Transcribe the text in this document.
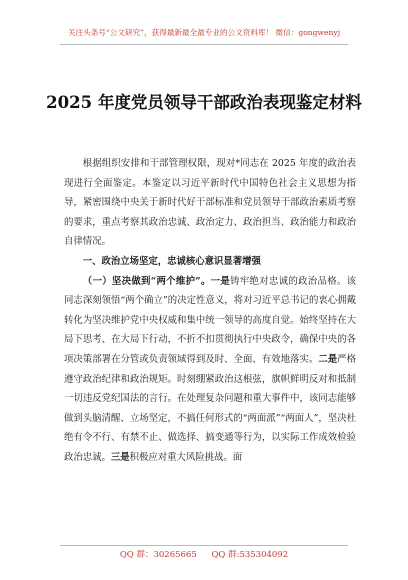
关注头条号“公文研究”，获得最新最全最专业的公文资料库！ 微信：gongwenyj
2025 年度党员领导干部政治表现鉴定材料

根据组织安排和干部管理权限，现对*同志在 2025 年度的政治表现进行全面鉴定。本鉴定以习近平新时代中国特色社会主义思想为指导，紧密围绕中央关于新时代好干部标准和党员领导干部政治素质考察的要求，重点考察其政治忠诚、政治定力、政治担当、政治能力和政治自律情况。

一、政治立场坚定，忠诚核心意识显著增强

（一）坚决做到“两个维护”。一是铸牢绝对忠诚的政治品格。该同志深刻领悟“两个确立”的决定性意义，将对习近平总书记的衷心拥戴转化为坚决维护党中央权威和集中统一领导的高度自觉。始终坚持在大局下思考、在大局下行动，不折不扣贯彻执行中央政令，确保中央的各项决策部署在分管或负责领域得到及时、全面、有效地落实。二是严格遵守政治纪律和政治规矩。时刻绷紧政治这根弦，旗帜鲜明反对和抵制一切违反党纪国法的言行。在处理复杂问题和重大事件中，该同志能够做到头脑清醒、立场坚定，不搞任何形式的“两面派”“两面人”，坚决杜绝有令不行、有禁不止、做选择、搞变通等行为，以实际工作成效检验政治忠诚。三是积极应对重大风险挑战。面

QQ 群：30265665 QQ 群:535304092
